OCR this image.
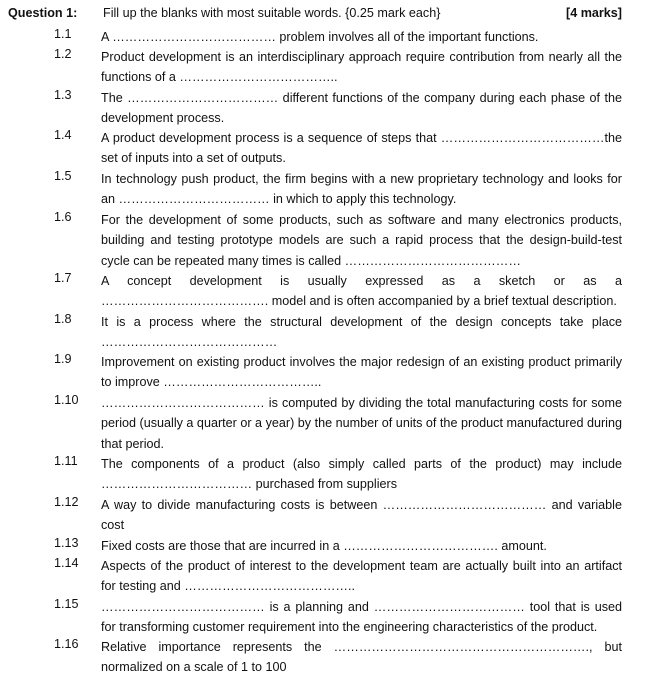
Question 1: Fill up the blanks with most suitable words. {0.25 mark each}	[4 marks]
1.1	A ………………………………… problem involves all of the important functions.
1.2	Product development is an interdisciplinary approach require contribution from nearly all the functions of a ………………………………..
1.3	The ……………………………… different functions of the company during each phase of the development process.
1.4	A product development process is a sequence of steps that …………………………………the set of inputs into a set of outputs.
1.5	In technology push product, the firm begins with a new proprietary technology and looks for an ……………………………… in which to apply this technology.
1.6	For the development of some products, such as software and many electronics products, building and testing prototype models are such a rapid process that the design-build-test cycle can be repeated many times is called ……………………………………
1.7	A concept development is usually expressed as a sketch or as a …………………………………. model and is often accompanied by a brief textual description.
1.8	It is a process where the structural development of the design concepts take place ……………………………………
1.9	Improvement on existing product involves the major redesign of an existing product primarily to improve ………………………………..
1.10	………………………………… is computed by dividing the total manufacturing costs for some period (usually a quarter or a year) by the number of units of the product manufactured during that period.
1.11	The components of a product (also simply called parts of the product) may include ……………………………… purchased from suppliers
1.12	A way to divide manufacturing costs is between ………………………………… and variable cost
1.13	Fixed costs are those that are incurred in a ………………………………. amount.
1.14	Aspects of the product of interest to the development team are actually built into an artifact for testing and …………………………………..
1.15	………………………………… is a planning and ……………………………… tool that is used for transforming customer requirement into the engineering characteristics of the product.
1.16	Relative importance represents the ……………………………………………………., but normalized on a scale of 1 to 100
